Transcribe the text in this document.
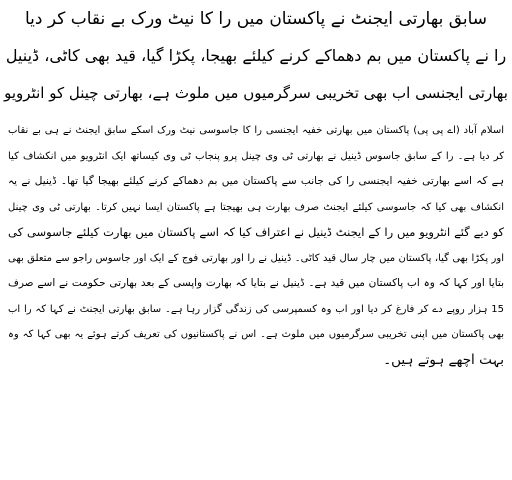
سابق بھارتی ایجنٹ نے پاکستان میں را کا نیٹ ورک بے نقاب کر دیا
را نے پاکستان میں بم دھماکے کرنے کیلئے بھیجا، پکڑا گیا، قید بھی کاٹی، ڈینیل
بھارتی ایجنسی اب بھی تخریبی سرگرمیوں میں ملوث ہے، بھارتی چینل کو انٹرویو
اسلام آباد (اے پی پی) پاکستان میں بھارتی خفیہ ایجنسی را کا جاسوسی نیٹ ورک اسکے سابق ایجنٹ نے ہی بے نقاب
کر دیا ہے۔ را کے سابق جاسوس ڈینیل نے بھارتی ٹی وی چینل پرو پنجاب ٹی وی کیساتھ ایک انٹرویو میں انکشاف کیا
ہے کہ اسے بھارتی خفیہ ایجنسی را کی جانب سے پاکستان میں بم دھماکے کرنے کیلئے بھیجا گیا تھا۔ ڈینیل نے یہ
انکشاف بھی کیا کہ جاسوسی کیلئے ایجنٹ صرف بھارت ہی بھیجتا ہے پاکستان ایسا نہیں کرتا۔ بھارتی ٹی وی چینل
کو دیے گئے انٹرویو میں را کے ایجنٹ ڈینیل نے اعتراف کیا کہ اسے پاکستان میں بھارت کیلئے جاسوسی کی
اور پکڑا بھی گیا، پاکستان میں چار سال قید کاٹی۔ ڈینیل نے را اور بھارتی فوج کے ایک اور جاسوس راجو سے متعلق بھی
بتایا اور کہا کہ وہ اب پاکستان میں قید ہے۔ ڈینیل نے بتایا کہ بھارت واپسی کے بعد بھارتی حکومت نے اسے صرف
15 ہزار روپے دے کر فارغ کر دیا اور اب وہ کسمپرسی کی زندگی گزار رہا ہے۔ سابق بھارتی ایجنٹ نے کہا کہ را اب
بھی پاکستان میں اپنی تخریبی سرگرمیوں میں ملوث ہے۔ اس نے پاکستانیوں کی تعریف کرتے ہوئے یہ بھی کہا کہ وہ
بہت اچھے ہوتے ہیں۔
